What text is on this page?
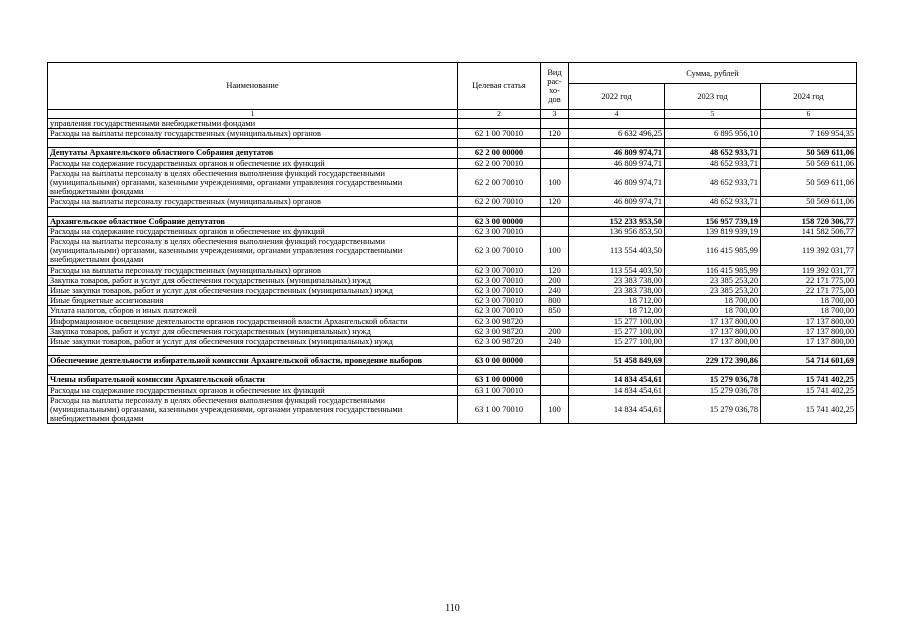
Наименование	Целевая статья	Вид рас- хо- дов	Сумма, рублей		
			2022 год	2023 год	2024 год
1	2	3	4	5	6
управления государственными внебюджетными фондами					
Расходы на выплаты персоналу государственных (муниципальных) органов	62 1 00 70010	120	6 632 496,25	6 895 956,10	7 169 954,35

Депутаты Архангельского областного Собрания депутатов	62 2 00 00000		46 809 974,71	48 652 933,71	50 569 611,06
Расходы на содержание государственных органов и обеспечение их функций	62 2 00 70010		46 809 974,71	48 652 933,71	50 569 611,06
Расходы на выплаты персоналу в целях обеспечения выполнения функций государственными (муниципальными) органами, казенными учреждениями, органами управления государственными внебюджетными фондами	62 2 00 70010	100	46 809 974,71	48 652 933,71	50 569 611,06
Расходы на выплаты персоналу государственных (муниципальных) органов	62 2 00 70010	120	46 809 974,71	48 652 933,71	50 569 611,06

Архангельское областное Собрание депутатов	62 3 00 00000		152 233 953,50	156 957 739,19	158 720 306,77
Расходы на содержание государственных органов и обеспечение их функций	62 3 00 70010		136 956 853,50	139 819 939,19	141 582 506,77
Расходы на выплаты персоналу в целях обеспечения выполнения функций государственными (муниципальными) органами, казенными учреждениями, органами управления государственными внебюджетными фондами	62 3 00 70010	100	113 554 403,50	116 415 985,99	119 392 031,77
Расходы на выплаты персоналу государственных (муниципальных) органов	62 3 00 70010	120	113 554 403,50	116 415 985,99	119 392 031,77
Закупка товаров, работ и услуг для обеспечения государственных (муниципальных) нужд	62 3 00 70010	200	23 383 738,00	23 385 253,20	22 171 775,00
Иные закупки товаров, работ и услуг для обеспечения государственных (муниципальных) нужд	62 3 00 70010	240	23 383 738,00	23 385 253,20	22 171 775,00
Иные бюджетные ассигнования	62 3 00 70010	800	18 712,00	18 700,00	18 700,00
Уплата налогов, сборов и иных платежей	62 3 00 70010	850	18 712,00	18 700,00	18 700,00
Информационное освещение деятельности органов государственной власти Архангельской области	62 3 00 98720		15 277 100,00	17 137 800,00	17 137 800,00
Закупка товаров, работ и услуг для обеспечения государственных (муниципальных) нужд	62 3 00 98720	200	15 277 100,00	17 137 800,00	17 137 800,00
Иные закупки товаров, работ и услуг для обеспечения государственных (муниципальных) нужд	62 3 00 98720	240	15 277 100,00	17 137 800,00	17 137 800,00

Обеспечение деятельности избирательной комиссии Архангельской области, проведение выборов	63 0 00 00000		51 458 849,69	229 172 390,86	54 714 601,69

Члены избирательной комиссии Архангельской области	63 1 00 00000		14 834 454,61	15 279 036,78	15 741 402,25
Расходы на содержание государственных органов и обеспечение их функций	63 1 00 70010		14 834 454,61	15 279 036,78	15 741 402,25
Расходы на выплаты персоналу в целях обеспечения выполнения функций государственными (муниципальными) органами, казенными учреждениями, органами управления государственными внебюджетными фондами	63 1 00 70010	100	14 834 454,61	15 279 036,78	15 741 402,25
110
